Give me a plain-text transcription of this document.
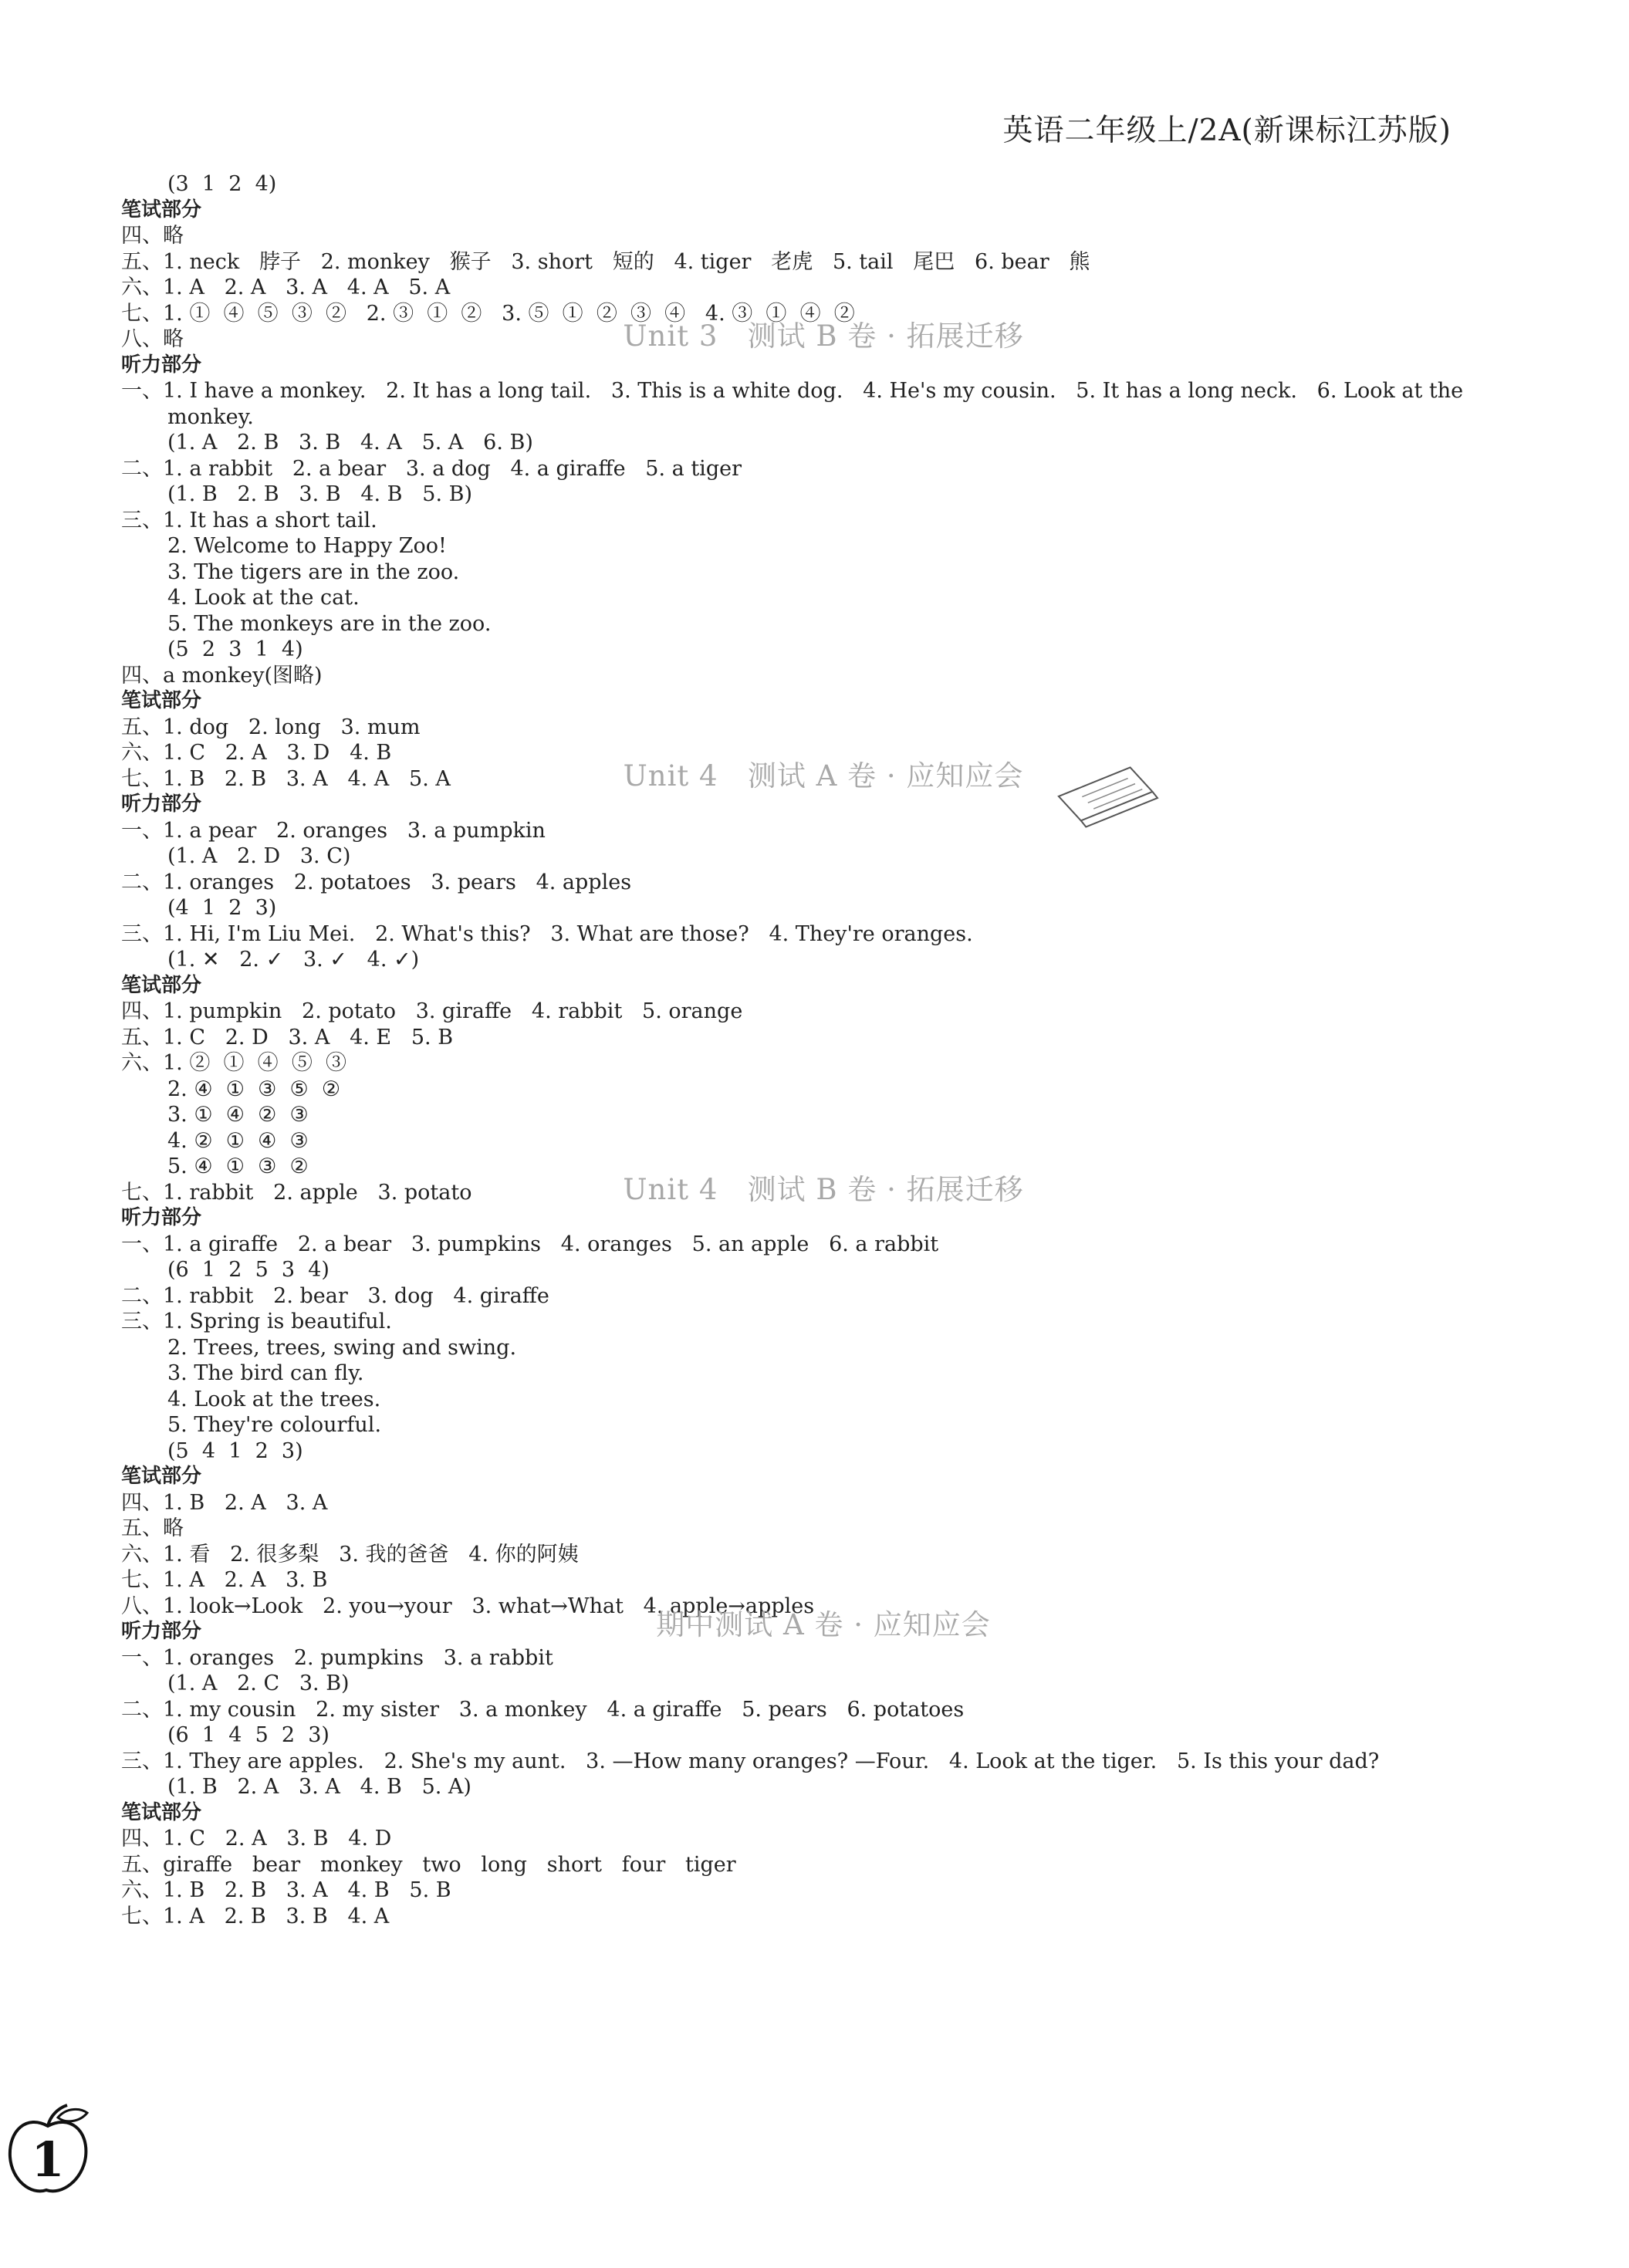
英语二年级上/2A(新课标江苏版)
(3  1  2  4)
笔试部分
四、略
五、1. neck   脖子   2. monkey   猴子   3. short   短的   4. tiger   老虎   5. tail   尾巴   6. bear   熊
六、1. A   2. A   3. A   4. A   5. A
七、1. ①  ④  ⑤  ③  ②   2. ③  ①  ②   3. ⑤  ①  ②  ③  ④   4. ③  ①  ④  ②
八、略	Unit 3   测试 B 卷 · 拓展迁移
听力部分
一、1. I have a monkey.   2. It has a long tail.   3. This is a white dog.   4. He's my cousin.   5. It has a long neck.   6. Look at the
monkey.
(1. A   2. B   3. B   4. A   5. A   6. B)
二、1. a rabbit   2. a bear   3. a dog   4. a giraffe   5. a tiger
(1. B   2. B   3. B   4. B   5. B)
三、1. It has a short tail.
2. Welcome to Happy Zoo!
3. The tigers are in the zoo.
4. Look at the cat.
5. The monkeys are in the zoo.
(5  2  3  1  4)
四、a monkey(图略)
笔试部分
五、1. dog   2. long   3. mum
六、1. C   2. A   3. D   4. B
七、1. B   2. B   3. A   4. A   5. A	Unit 4   测试 A 卷 · 应知应会
听力部分
一、1. a pear   2. oranges   3. a pumpkin
(1. A   2. D   3. C)
二、1. oranges   2. potatoes   3. pears   4. apples
(4  1  2  3)
三、1. Hi, I'm Liu Mei.   2. What's this?   3. What are those?   4. They're oranges.
(1. ✕   2. ✓   3. ✓   4. ✓)
笔试部分
四、1. pumpkin   2. potato   3. giraffe   4. rabbit   5. orange
五、1. C   2. D   3. A   4. E   5. B
六、1. ②  ①  ④  ⑤  ③
2. ④  ①  ③  ⑤  ②
3. ①  ④  ②  ③
4. ②  ①  ④  ③
5. ④  ①  ③  ②
七、1. rabbit   2. apple   3. potato	Unit 4   测试 B 卷 · 拓展迁移
听力部分
一、1. a giraffe   2. a bear   3. pumpkins   4. oranges   5. an apple   6. a rabbit
(6  1  2  5  3  4)
二、1. rabbit   2. bear   3. dog   4. giraffe
三、1. Spring is beautiful.
2. Trees, trees, swing and swing.
3. The bird can fly.
4. Look at the trees.
5. They're colourful.
(5  4  1  2  3)
笔试部分
四、1. B   2. A   3. A
五、略
六、1. 看   2. 很多梨   3. 我的爸爸   4. 你的阿姨
七、1. A   2. A   3. B
八、1. look→Look   2. you→your   3. what→What   4. apple→apples
期中测试 A 卷 · 应知应会
听力部分
一、1. oranges   2. pumpkins   3. a rabbit
(1. A   2. C   3. B)
二、1. my cousin   2. my sister   3. a monkey   4. a giraffe   5. pears   6. potatoes
(6  1  4  5  2  3)
三、1. They are apples.   2. She's my aunt.   3. —How many oranges? —Four.   4. Look at the tiger.   5. Is this your dad?
(1. B   2. A   3. A   4. B   5. A)
笔试部分
四、1. C   2. A   3. B   4. D
五、giraffe   bear   monkey   two   long   short   four   tiger
六、1. B   2. B   3. A   4. B   5. B
七、1. A   2. B   3. B   4. A
1
